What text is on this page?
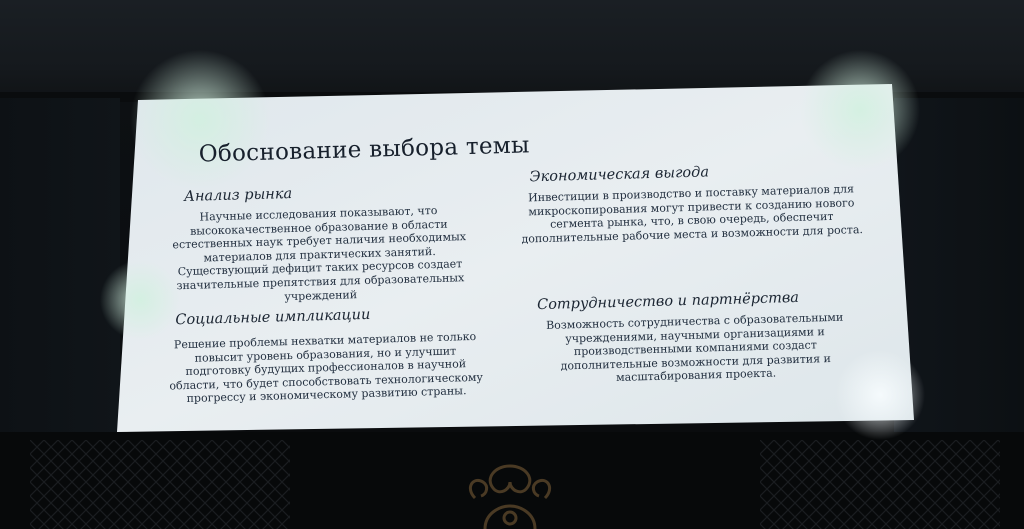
Обоснование выбора темы
Анализ рынка
Научные исследования показывают, что высококачественное образование в области естественных наук требует наличия необходимых материалов для практических занятий. Существующий дефицит таких ресурсов создает значительные препятствия для образовательных учреждений
Экономическая выгода
Инвестиции в производство и поставку материалов для микроскопирования могут привести к созданию нового сегмента рынка, что, в свою очередь, обеспечит дополнительные рабочие места и возможности для роста.
Социальные импликации
Решение проблемы нехватки материалов не только повысит уровень образования, но и улучшит подготовку будущих профессионалов в научной области, что будет способствовать технологическому прогрессу и экономическому развитию страны.
Сотрудничество и партнёрства
Возможность сотрудничества с образовательными учреждениями, научными организациями и производственными компаниями создаст дополнительные возможности для развития и масштабирования проекта.
